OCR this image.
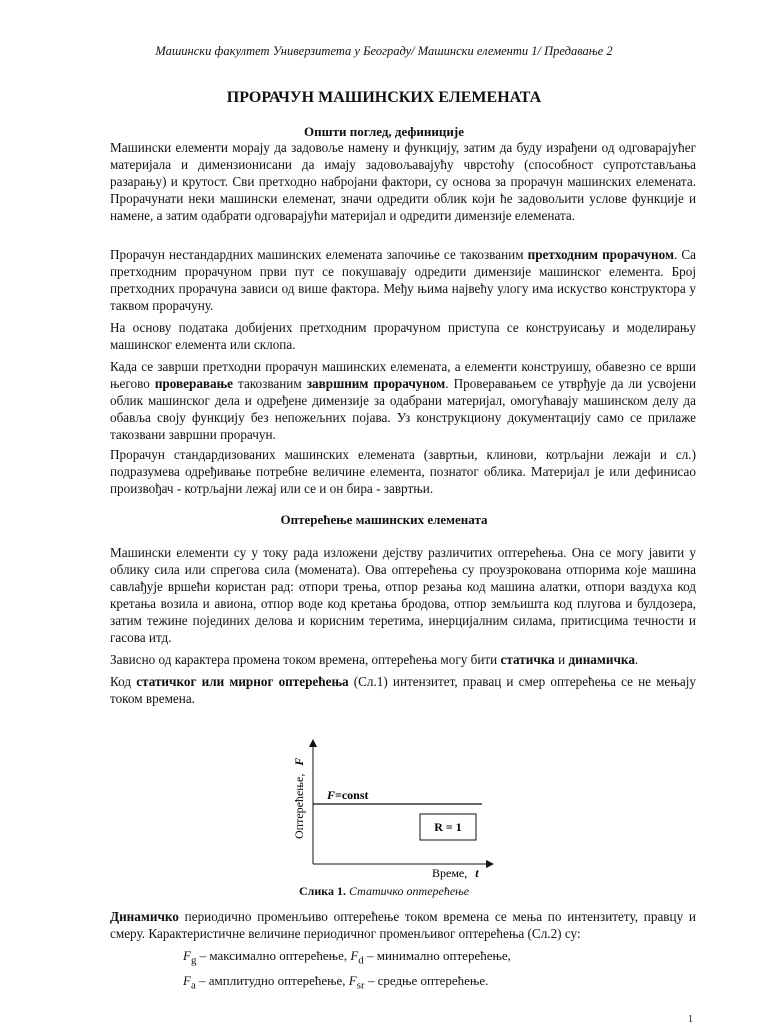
Машински факултет Универзитета у Београду/ Машински елементи 1/ Предавање 2
ПРОРАЧУН МАШИНСКИХ ЕЛЕМЕНАТА
Општи поглед, дефиниције

Машински елементи морају да задовоље намену и функцију, затим да буду израђени од одговарајућег материјала и димензионисани да имају задовољавајућу чврстоћу (способност супротстављања разарању) и крутост. Сви претходно набројани фактори, су основа за прорачун машинских елемената. Прорачунати неки машински елеменат, значи одредити облик који ће задовољити услове функције и намене, а затим одабрати одговарајући материјал и одредити димензије елемената.

Прорачун нестандардних машинских елемената започиње се такозваним претходним прорачуном. Са претходним прорачуном први пут се покушавају одредити димензије машинског елемента. Број претходних прорачуна зависи од више фактора. Међу њима највећу улогу има искуство конструктора у таквом прорачуну.

На основу података добијених претходним прорачуном приступа се конструисању и моделирању машинског елемента или склопа.

Када се заврши претходни прорачун машинских елемената, а елементи конструишу, обавезно се врши његово проверавање такозваним завршним прорачуном. Проверавањем се утврђује да ли усвојени облик машинског дела и одређене димензије за одабрани материјал, омогућавају машинском делу да обавља своју функцију без непожељних појава. Уз конструкциону документацију само се прилаже такозвани завршни прорачун.

Прорачун стандардизованих машинских елемената (завртњи, клинови, котрљајни лежаји и сл.) подразумева одређивање потребне величине елемента, познатог облика. Материјал је или дефинисао произвођач - котрљајни лежај или се и он бира - завртњи.

Оптерећење машинских елемената

Машински елементи су у току рада изложени дејству различитих оптерећења. Она се могу јавити у облику сила или спрегова сила (момената). Ова оптерећења су проузрокована отпорима које машина савлађује вршећи користан рад: отпори трења, отпор резања код машина алатки, отпори ваздуха код кретања возила и авиона, отпор воде код кретања бродова, отпор земљишта код плугова и булдозера, затим тежине појединих делова и корисним теретима, инерцијалним силама, притисцима течности и гасова итд.

Зависно од карактера промена током времена, оптерећења могу бити статичка и динамичка.

Код статичког или мирног оптерећења (Сл.1) интензитет, правац и смер оптерећења се не мењају током времена.

F=const
R = 1
Оптерећење,F
Време, t
Слика 1. Статичко оптерећење

Динамичко периодично променљиво оптерећење током времена се мења по интензитету, правцу и смеру. Карактеристичне величине периодичног променљивог оптерећења (Сл.2) су:

$F_g$ – максимално оптерећење, $F_d$ – минимално оптерећење,
$F_a$ – амплитудно оптерећење, $F_{sr}$ – средње оптерећење.
1
